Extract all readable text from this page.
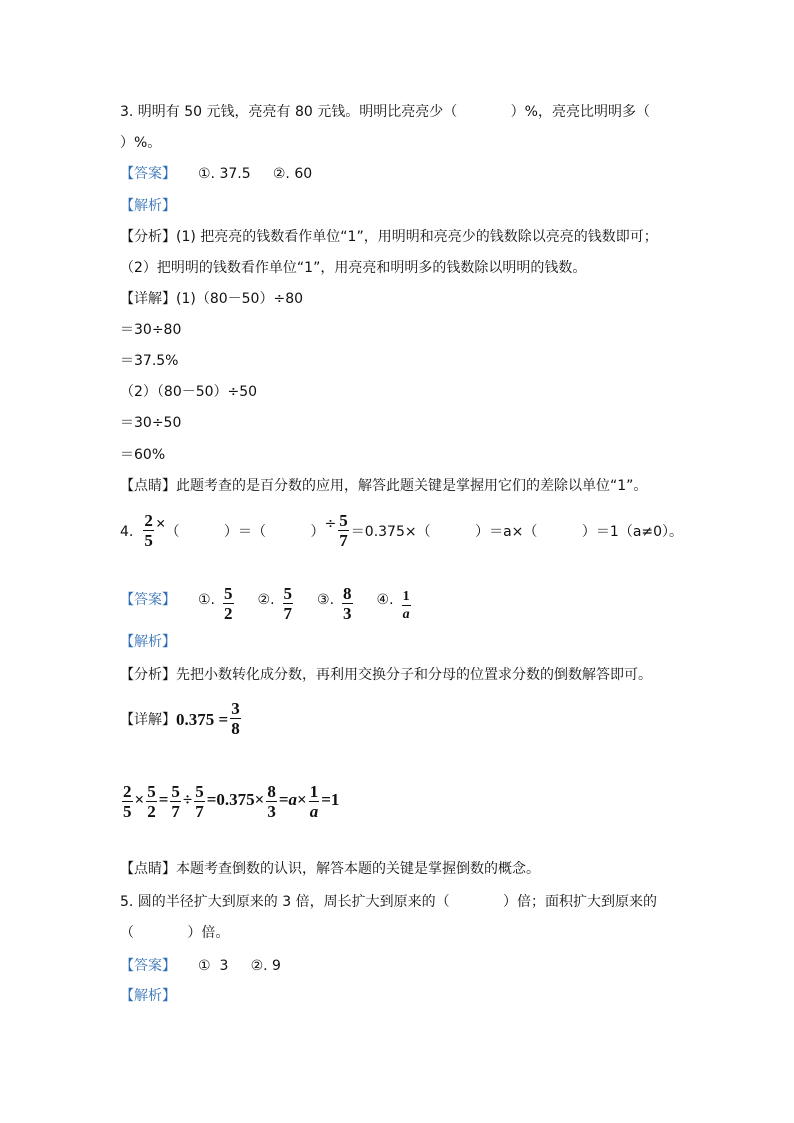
3. 明明有 50 元钱，亮亮有 80 元钱。明明比亮亮少（            ）%，亮亮比明明多（
）%。
【答案】 ①. 37.5     ②. 60
【解析】
【分析】(1) 把亮亮的钱数看作单位“1”，用明明和亮亮少的钱数除以亮亮的钱数即可；
（2）把明明的钱数看作单位“1”，用亮亮和明明多的钱数除以明明的钱数。
【详解】(1)（80－50）÷80
＝30÷80
＝37.5%
（2）（80－50）÷50
＝30÷50
＝60%
【点睛】此题考查的是百分数的应用，解答此题关键是掌握用它们的差除以单位“1”。
4. $\frac{2}{5}$ ×（          ）＝（          ）÷ $\frac{5}{7} =0.375\times$（          ）＝a×（          ）＝1（a≠0）。
【答案】 ①. $\frac{5}{2}$ ②. $\frac{5}{7}$ ③. $\frac{8}{3}$ ④. $\frac{1}{a}$
【解析】
【分析】先把小数转化成分数，再利用交换分子和分母的位置求分数的倒数解答即可。
【详解】$0.375 = \frac{3}{8}$
$\frac{2}{5} \times \frac{5}{2} = \frac{5}{7} \div \frac{5}{7} =0.375\times \frac{8}{3} =a\times \frac{1}{a} =1$
【点睛】本题考查倒数的认识，解答本题的关键是掌握倒数的概念。
5. 圆的半径扩大到原来的 3 倍，周长扩大到原来的（            ）倍；面积扩大到原来的
（            ）倍。
【答案】 ①  3     ②. 9
【解析】
